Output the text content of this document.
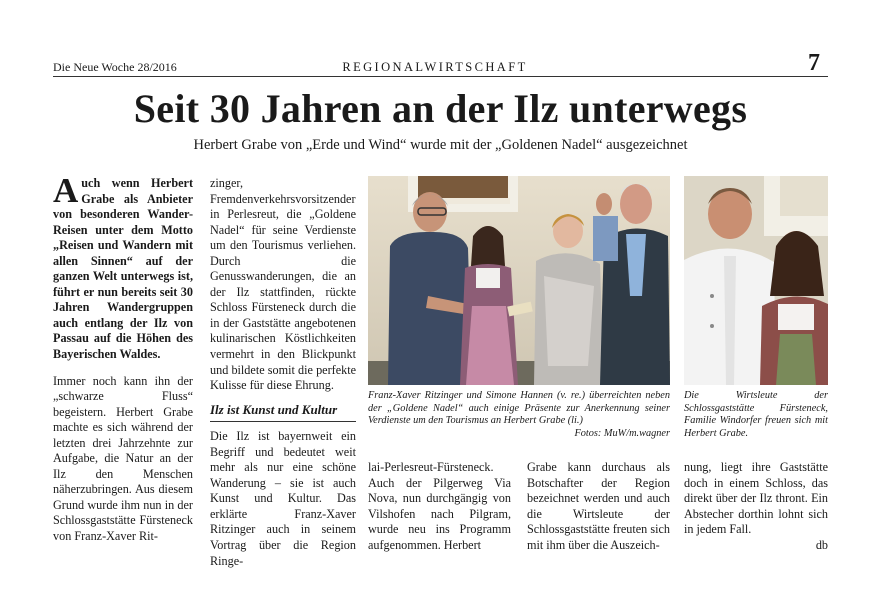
Die Neue Woche 28/2016	REGIONALWIRTSCHAFT	7
Seit 30 Jahren an der Ilz unterwegs
Herbert Grabe von „Erde und Wind“ wurde mit der „Goldenen Nadel“ ausgezeichnet

Auch wenn Herbert Grabe als Anbieter von besonderen Wander-Reisen unter dem Motto „Reisen und Wandern mit allen Sinnen“ auf der ganzen Welt unterwegs ist, führt er nun bereits seit 30 Jahren Wandergruppen auch entlang der Ilz von Passau auf die Höhen des Bayerischen Waldes.

Immer noch kann ihn der „schwarze Fluss“ begeistern. Herbert Grabe machte es sich während der letzten drei Jahrzehnte zur Aufgabe, die Natur an der Ilz den Menschen näherzubringen. Aus diesem Grund wurde ihm nun in der Schlossgaststätte Fürsteneck von Franz-Xaver Rit-

zinger, Fremdenverkehrsvorsitzender in Perlesreut, die „Goldene Nadel“ für seine Verdienste um den Tourismus verliehen. Durch die Genusswanderungen, die an der Ilz stattfinden, rückte Schloss Fürsteneck durch die in der Gaststätte angebotenen kulinarischen Köstlichkeiten vermehrt in den Blickpunkt und bildete somit die perfekte Kulisse für diese Ehrung.

Ilz ist Kunst und Kultur

Die Ilz ist bayernweit ein Begriff und bedeutet weit mehr als nur eine schöne Wanderung – sie ist auch Kunst und Kultur. Das erklärte Franz-Xaver Ritzinger auch in seinem Vortrag über die Region Ringe-

Franz-Xaver Ritzinger und Simone Hannen (v. re.) überreichten neben der „Goldene Nadel“ auch einige Präsente zur Anerkennung seiner Verdienste um den Tourismus an Herbert Grabe (li.)
Fotos: MuW/m.wagner
Die Wirtsleute der Schlossgaststätte Fürsteneck, Familie Windorfer freuen sich mit Herbert Grabe.
lai-Perlesreut-Fürsteneck. Auch der Pilgerweg Via Nova, nun durchgängig von Vilshofen nach Pilgram, wurde neu ins Programm aufgenommen. Herbert
Grabe kann durchaus als Botschafter der Region bezeichnet werden und auch die Wirtsleute der Schlossgaststätte freuten sich mit ihm über die Auszeich-

nung, liegt ihre Gaststätte doch in einem Schloss, das direkt über der Ilz thront. Ein Abstecher dorthin lohnt sich in jedem Fall.

db
